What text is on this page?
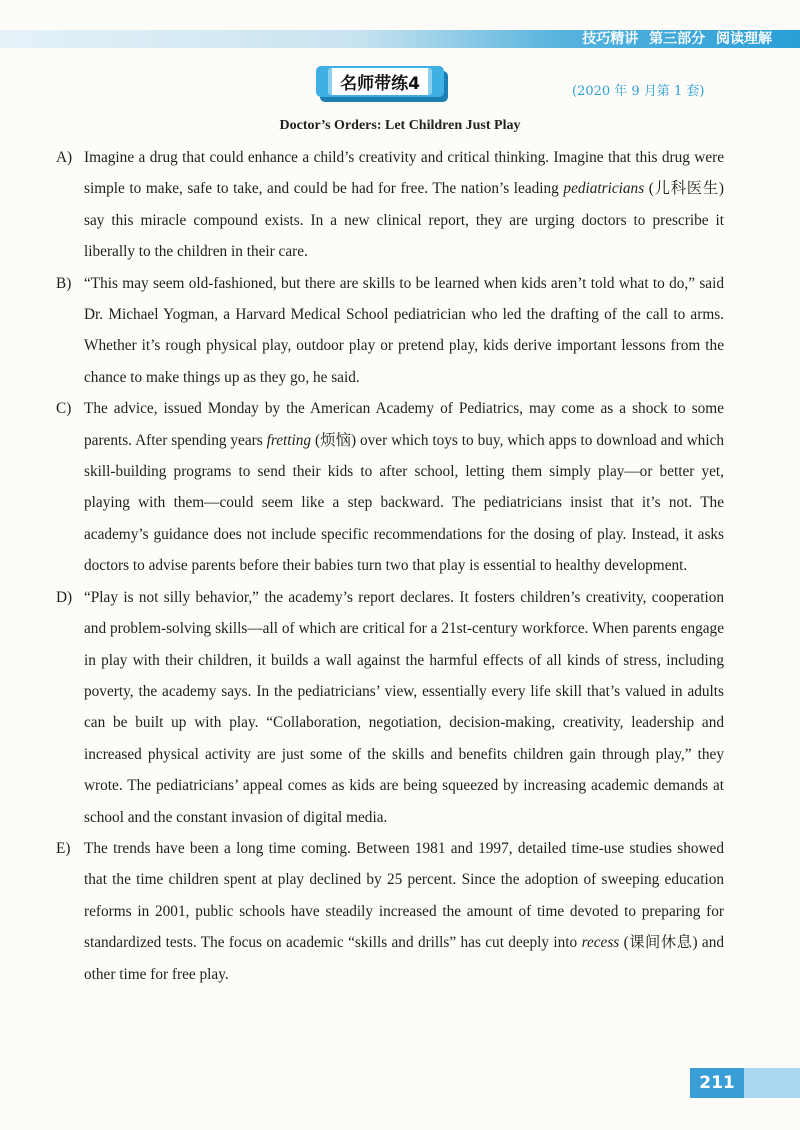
技巧精讲 第三部分 阅读理解
名师带练4	(2020 年 9 月第 1 套)
Doctor’s Orders: Let Children Just Play
A) Imagine a drug that could enhance a child’s creativity and critical thinking. Imagine that this drug were simple to make, safe to take, and could be had for free. The nation’s leading pediatricians (儿科医生) say this miracle compound exists. In a new clinical report, they are urging doctors to prescribe it liberally to the children in their care.

B) “This may seem old-fashioned, but there are skills to be learned when kids aren’t told what to do,” said Dr. Michael Yogman, a Harvard Medical School pediatrician who led the drafting of the call to arms. Whether it’s rough physical play, outdoor play or pretend play, kids derive important lessons from the chance to make things up as they go, he said.

C) The advice, issued Monday by the American Academy of Pediatrics, may come as a shock to some parents. After spending years fretting (烦恼) over which toys to buy, which apps to download and which skill-building programs to send their kids to after school, letting them simply play—or better yet, playing with them—could seem like a step backward. The pediatricians insist that it’s not. The academy’s guidance does not include specific recommendations for the dosing of play. Instead, it asks doctors to advise parents before their babies turn two that play is essential to healthy development.

D) “Play is not silly behavior,” the academy’s report declares. It fosters children’s creativity, cooperation and problem-solving skills—all of which are critical for a 21st-century workforce. When parents engage in play with their children, it builds a wall against the harmful effects of all kinds of stress, including poverty, the academy says. In the pediatricians’ view, essentially every life skill that’s valued in adults can be built up with play. “Collaboration, negotiation, decision-making, creativity, leadership and increased physical activity are just some of the skills and benefits children gain through play,” they wrote. The pediatricians’ appeal comes as kids are being squeezed by increasing academic demands at school and the constant invasion of digital media.

E) The trends have been a long time coming. Between 1981 and 1997, detailed time-use studies showed that the time children spent at play declined by 25 percent. Since the adoption of sweeping education reforms in 2001, public schools have steadily increased the amount of time devoted to preparing for standardized tests. The focus on academic “skills and drills” has cut deeply into recess (课间休息) and other time for free play.

211
